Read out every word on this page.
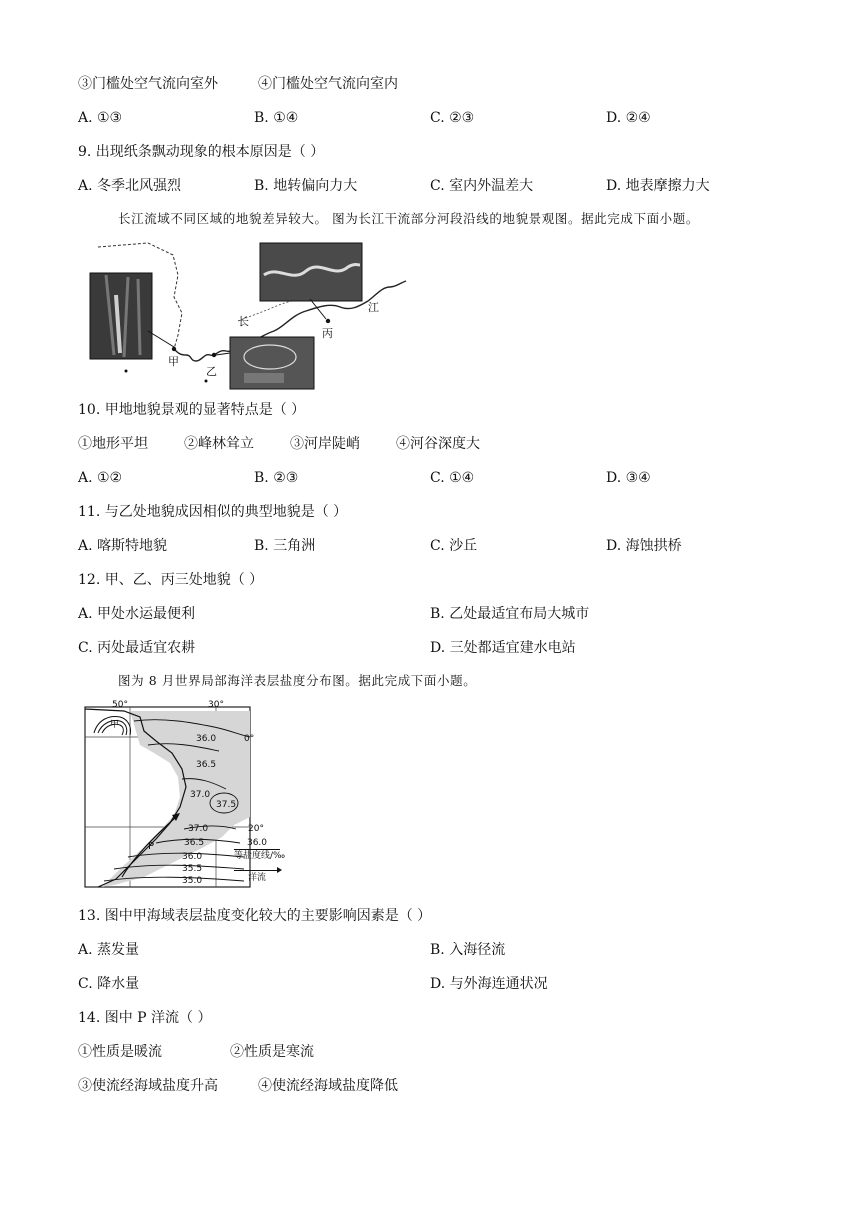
③门槛处空气流向室外	④门槛处空气流向室内
A. ①③	B. ①④	C. ②③	D. ②④
9. 出现纸条飘动现象的根本原因是（ ）
A. 冬季北风强烈	B. 地转偏向力大	C. 室内外温差大	D. 地表摩擦力大
长江流域不同区域的地貌差异较大。 图为长江干流部分河段沿线的地貌景观图。据此完成下面小题。
甲
乙
丙
长
江
10. 甲地地貌景观的显著特点是（ ）
①地形平坦	②峰林耸立	③河岸陡峭	④河谷深度大
A. ①②	B. ②③	C. ①④	D. ③④
11. 与乙处地貌成因相似的典型地貌是（ ）
A. 喀斯特地貌	B. 三角洲	C. 沙丘	D. 海蚀拱桥
12. 甲、乙、丙三处地貌（ ）
A. 甲处水运最便利	B. 乙处最适宜布局大城市
C. 丙处最适宜农耕	D. 三处都适宜建水电站
图为 8 月世界局部海洋表层盐度分布图。据此完成下面小题。
50°	30°
0°
20°
甲
P
36.0
36.5
37.0
37.5
37.0
36.5
36.0
35.5
35.0
36.0
等盐度线/‰
洋流
13. 图中甲海域表层盐度变化较大的主要影响因素是（ ）
A. 蒸发量	B. 入海径流
C. 降水量	D. 与外海连通状况
14. 图中 P 洋流（ ）
①性质是暖流	②性质是寒流
③使流经海域盐度升高	④使流经海域盐度降低
